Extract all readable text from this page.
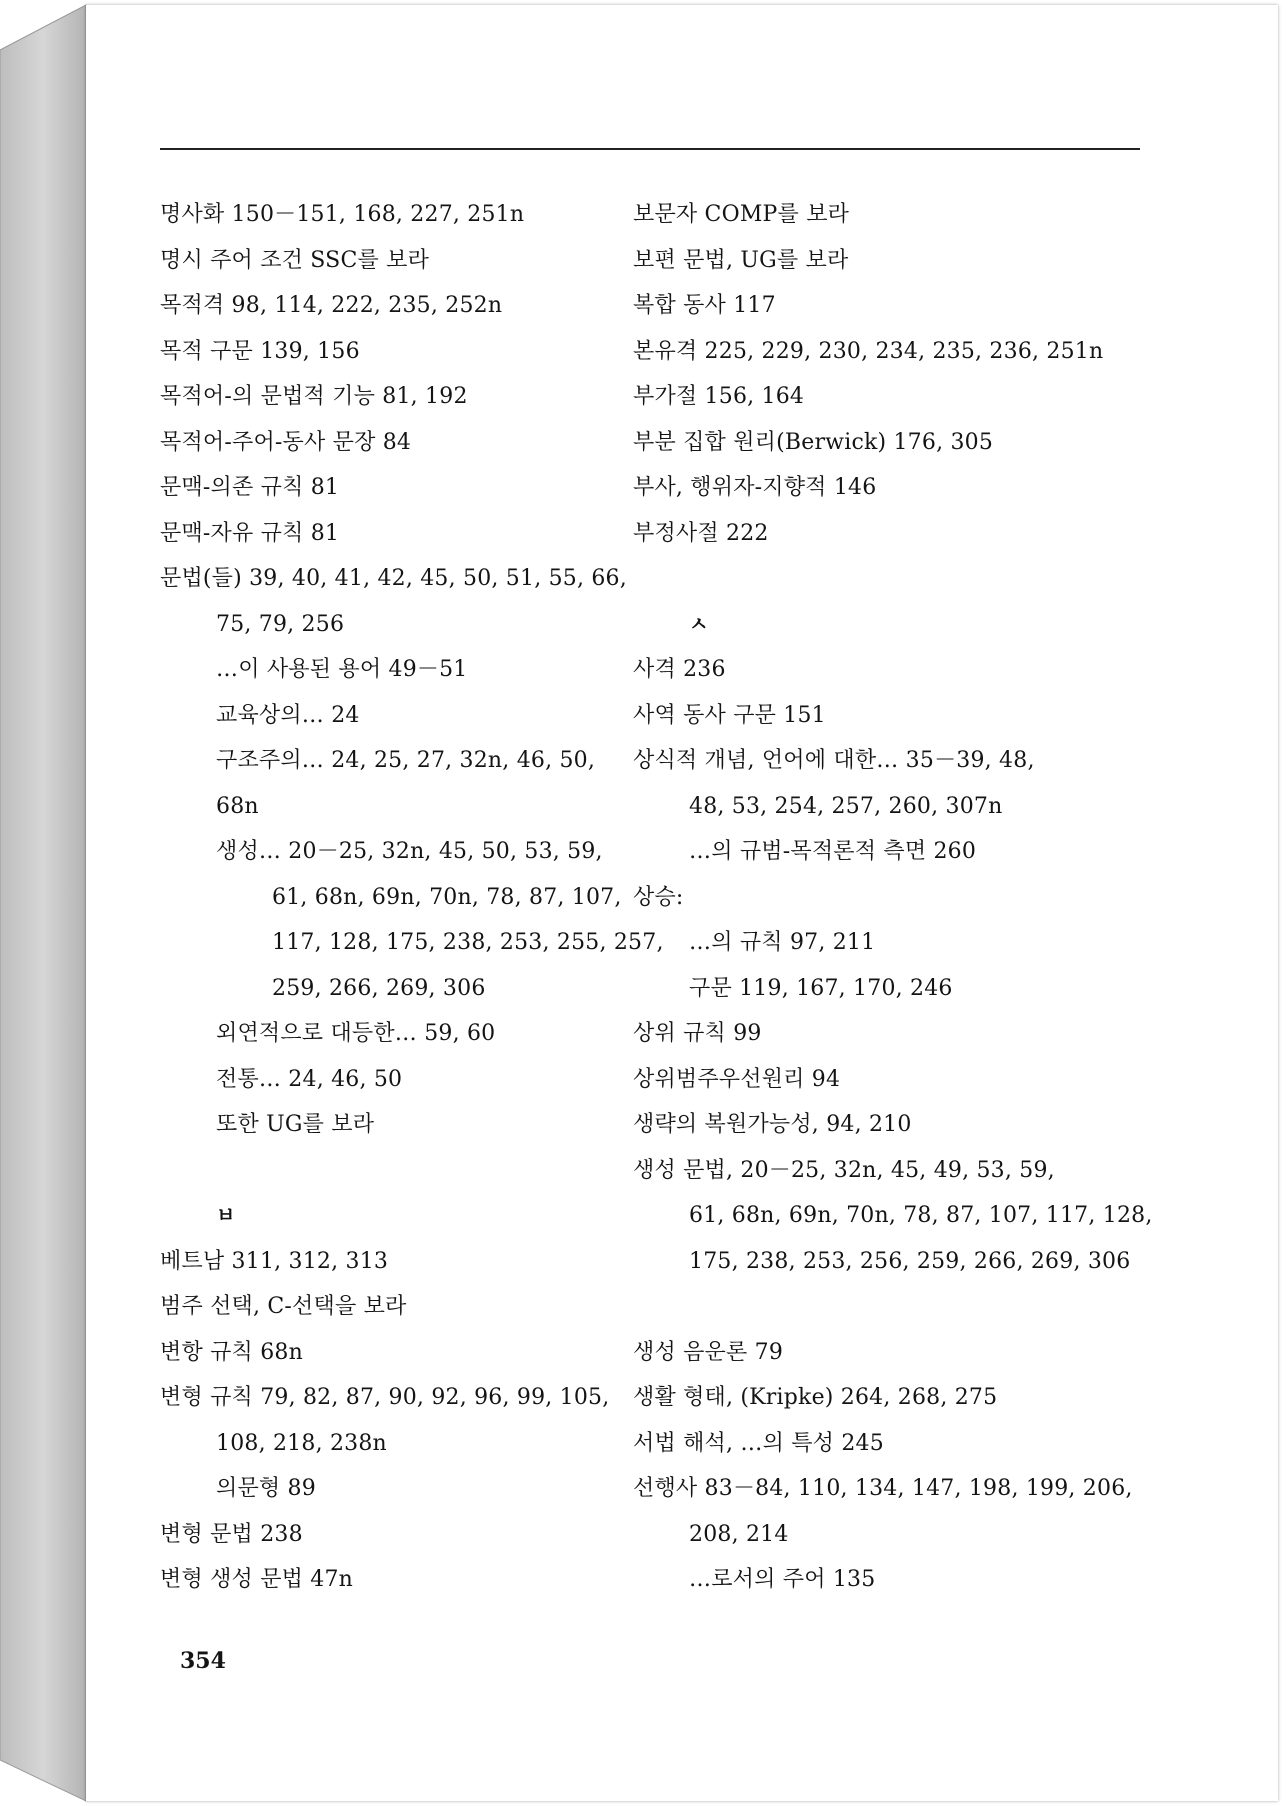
명사화 150－151, 168, 227, 251n
명시 주어 조건 SSC를 보라
목적격 98, 114, 222, 235, 252n
목적 구문 139, 156
목적어-의 문법적 기능 81, 192
목적어-주어-동사 문장 84
문맥-의존 규칙 81
문맥-자유 규칙 81
문법(들) 39, 40, 41, 42, 45, 50, 51, 55, 66,
75, 79, 256
…이 사용된 용어 49－51
교육상의… 24
구조주의… 24, 25, 27, 32n, 46, 50,
68n
생성… 20－25, 32n, 45, 50, 53, 59,
61, 68n, 69n, 70n, 78, 87, 107,
117, 128, 175, 238, 253, 255, 257,
259, 266, 269, 306
외연적으로 대등한… 59, 60
전통… 24, 46, 50
또한 UG를 보라
ㅂ
베트남 311, 312, 313
범주 선택, C-선택을 보라
변항 규칙 68n
변형 규칙 79, 82, 87, 90, 92, 96, 99, 105,
108, 218, 238n
의문형 89
변형 문법 238
변형 생성 문법 47n
보문자 COMP를 보라
보편 문법, UG를 보라
복합 동사 117
본유격 225, 229, 230, 234, 235, 236, 251n
부가절 156, 164
부분 집합 원리(Berwick) 176, 305
부사, 행위자-지향적 146
부정사절 222
ㅅ
사격 236
사역 동사 구문 151
상식적 개념, 언어에 대한… 35－39, 48,
48, 53, 254, 257, 260, 307n
…의 규범-목적론적 측면 260
상승:
…의 규칙 97, 211
구문 119, 167, 170, 246
상위 규칙 99
상위범주우선원리 94
생략의 복원가능성, 94, 210
생성 문법, 20－25, 32n, 45, 49, 53, 59,
61, 68n, 69n, 70n, 78, 87, 107, 117, 128,
175, 238, 253, 256, 259, 266, 269, 306
생성 음운론 79
생활 형태, (Kripke) 264, 268, 275
서법 해석, …의 특성 245
선행사 83－84, 110, 134, 147, 198, 199, 206,
208, 214
…로서의 주어 135
354
